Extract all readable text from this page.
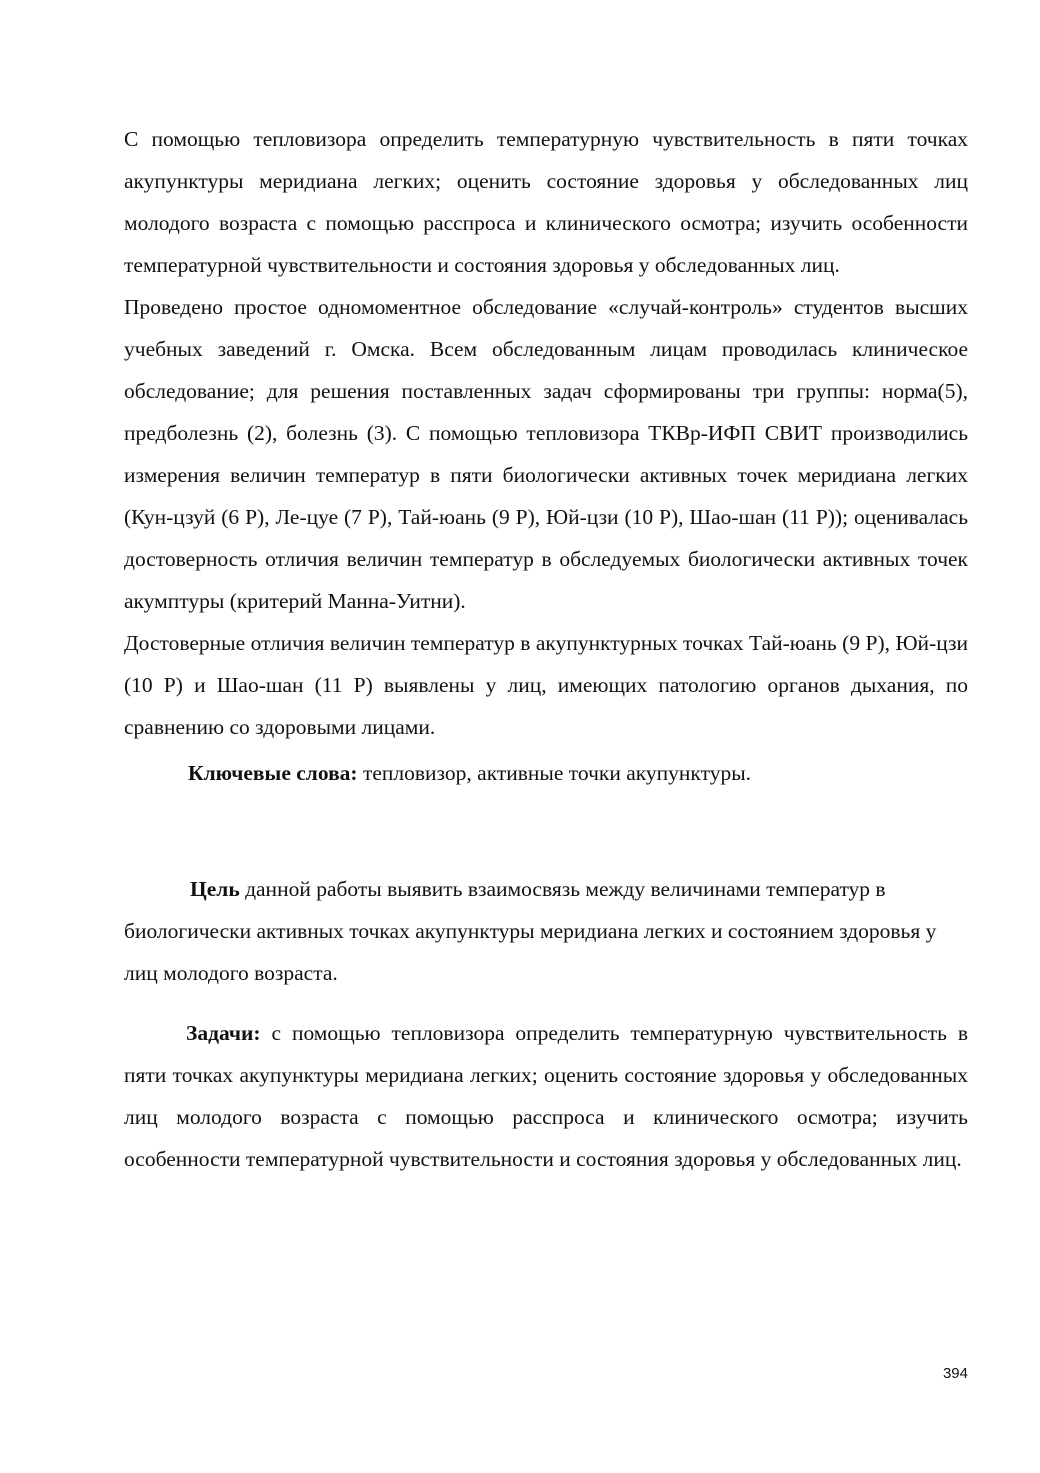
С помощью тепловизора определить температурную чувствительность в пяти точках акупунктуры меридиана легких; оценить состояние здоровья у обследованных лиц молодого возраста с помощью расспроса и клинического осмотра; изучить особенности температурной чувствительности и состояния здоровья у обследованных лиц.

Проведено простое одномоментное обследование «случай-контроль» студентов высших учебных заведений г. Омска. Всем обследованным лицам проводилась клиническое обследование; для решения поставленных задач сформированы три группы: норма(5), предболезнь (2), болезнь (3). С помощью тепловизора ТКВр-ИФП СВИТ производились измерения величин температур в пяти биологически активных точек меридиана легких (Кун-цзуй (6 Р), Ле-цуе (7 Р), Тай-юань (9 Р), Юй-цзи (10 Р), Шао-шан (11 Р)); оценивалась достоверность отличия величин температур в обследуемых биологически активных точек акумптуры (критерий Манна-Уитни).

Достоверные отличия величин температур в акупунктурных точках Тай-юань (9 Р), Юй-цзи (10 Р) и Шао-шан (11 Р) выявлены у лиц, имеющих патологию органов дыхания, по сравнению со здоровыми лицами.

Ключевые слова: тепловизор, активные точки акупунктуры.

Цель данной работы выявить взаимосвязь между величинами температур в биологически активных точках акупунктуры меридиана легких и состоянием здоровья у лиц молодого возраста.

Задачи: с помощью тепловизора определить температурную чувствительность в пяти точках акупунктуры меридиана легких; оценить состояние здоровья у обследованных лиц молодого возраста с помощью расспроса и клинического осмотра; изучить особенности температурной чувствительности и состояния здоровья у обследованных лиц.

394
